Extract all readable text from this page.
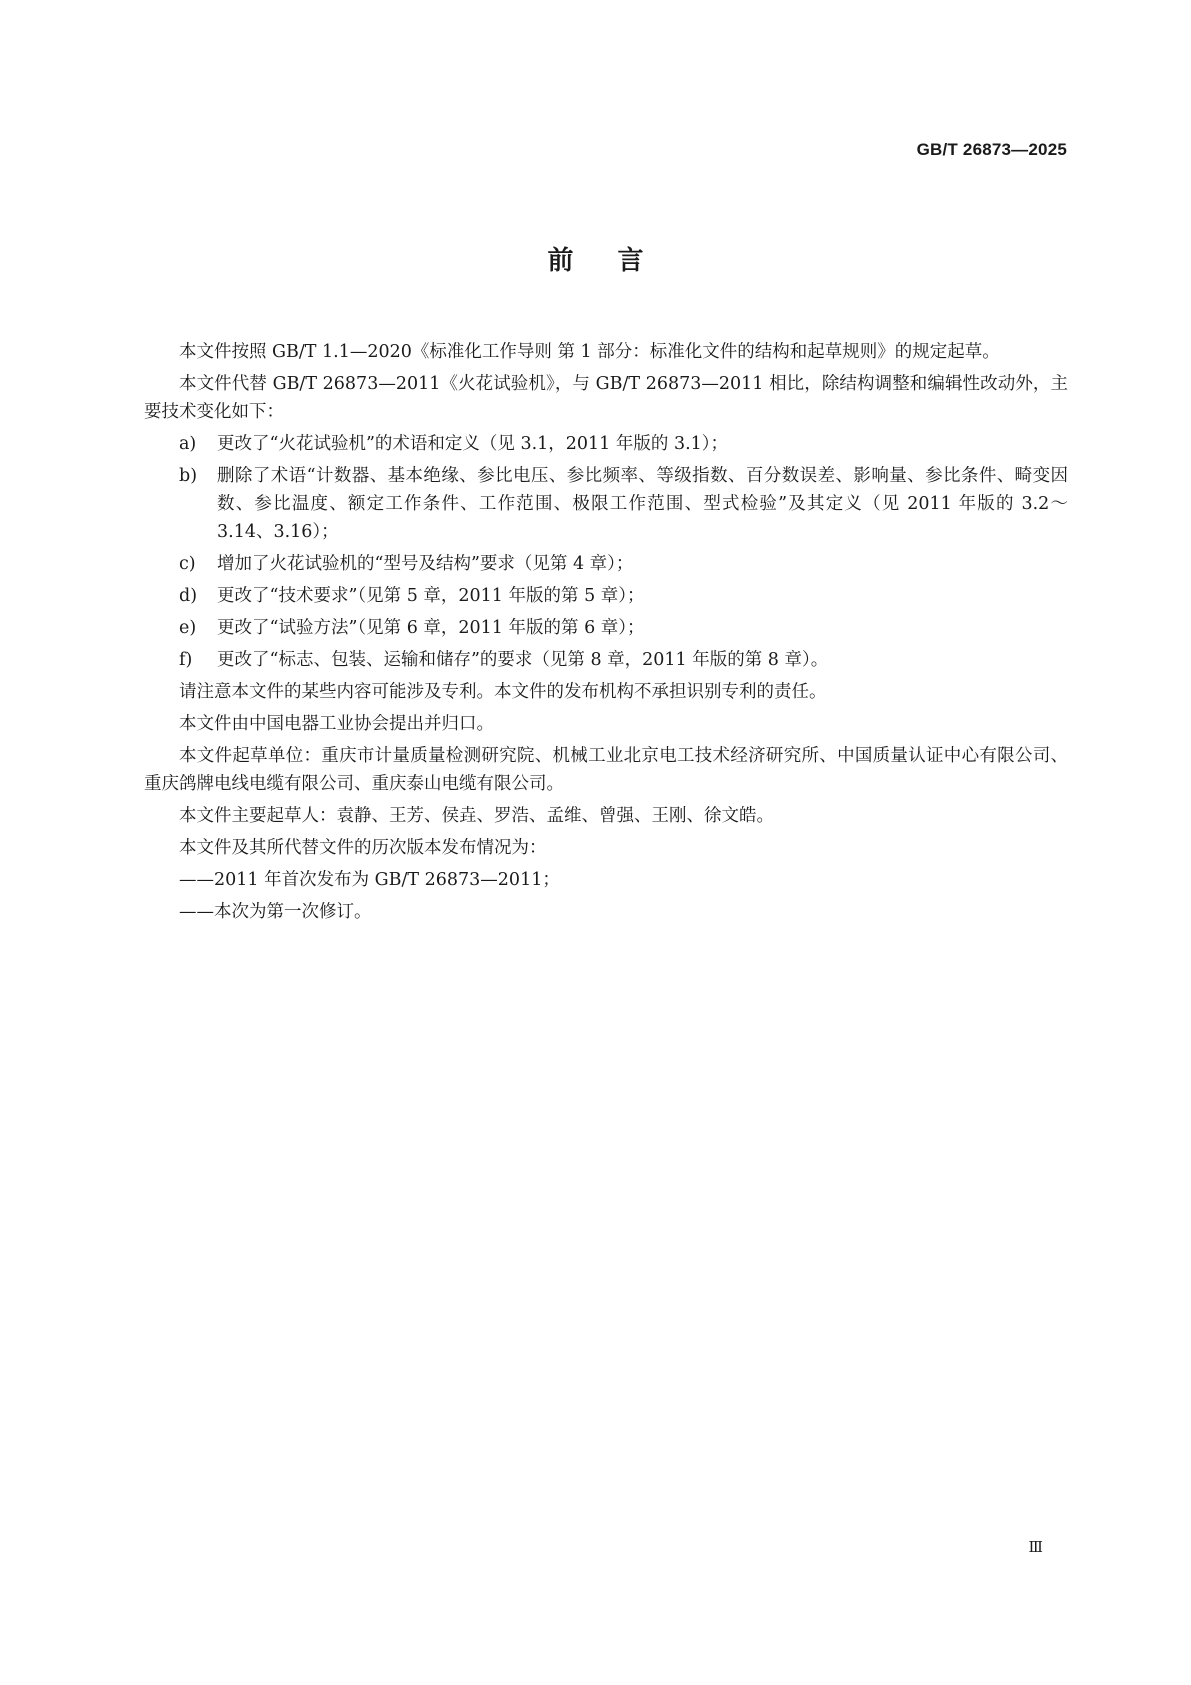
GB/T 26873—2025
前言

本文件按照 GB/T 1.1—2020《标准化工作导则 第 1 部分：标准化文件的结构和起草规则》的规定起草。

本文件代替 GB/T 26873—2011《火花试验机》，与 GB/T 26873—2011 相比，除结构调整和编辑性改动外，主要技术变化如下：

a)	更改了“火花试验机”的术语和定义（见 3.1，2011 年版的 3.1）；
b)	删除了术语“计数器、基本绝缘、参比电压、参比频率、等级指数、百分数误差、影响量、参比条件、畸变因数、参比温度、额定工作条件、工作范围、极限工作范围、型式检验”及其定义（见 2011 年版的 3.2～3.14、3.16）；
c)	增加了火花试验机的“型号及结构”要求（见第 4 章）；
d)	更改了“技术要求”（见第 5 章，2011 年版的第 5 章）；
e)	更改了“试验方法”（见第 6 章，2011 年版的第 6 章）；
f)	更改了“标志、包装、运输和储存”的要求（见第 8 章，2011 年版的第 8 章）。

请注意本文件的某些内容可能涉及专利。本文件的发布机构不承担识别专利的责任。

本文件由中国电器工业协会提出并归口。

本文件起草单位：重庆市计量质量检测研究院、机械工业北京电工技术经济研究所、中国质量认证中心有限公司、重庆鸽牌电线电缆有限公司、重庆泰山电缆有限公司。

本文件主要起草人：袁静、王芳、侯垚、罗浩、孟维、曾强、王刚、徐文皓。

本文件及其所代替文件的历次版本发布情况为：

——2011 年首次发布为 GB/T 26873—2011；
——本次为第一次修订。
Ⅲ
